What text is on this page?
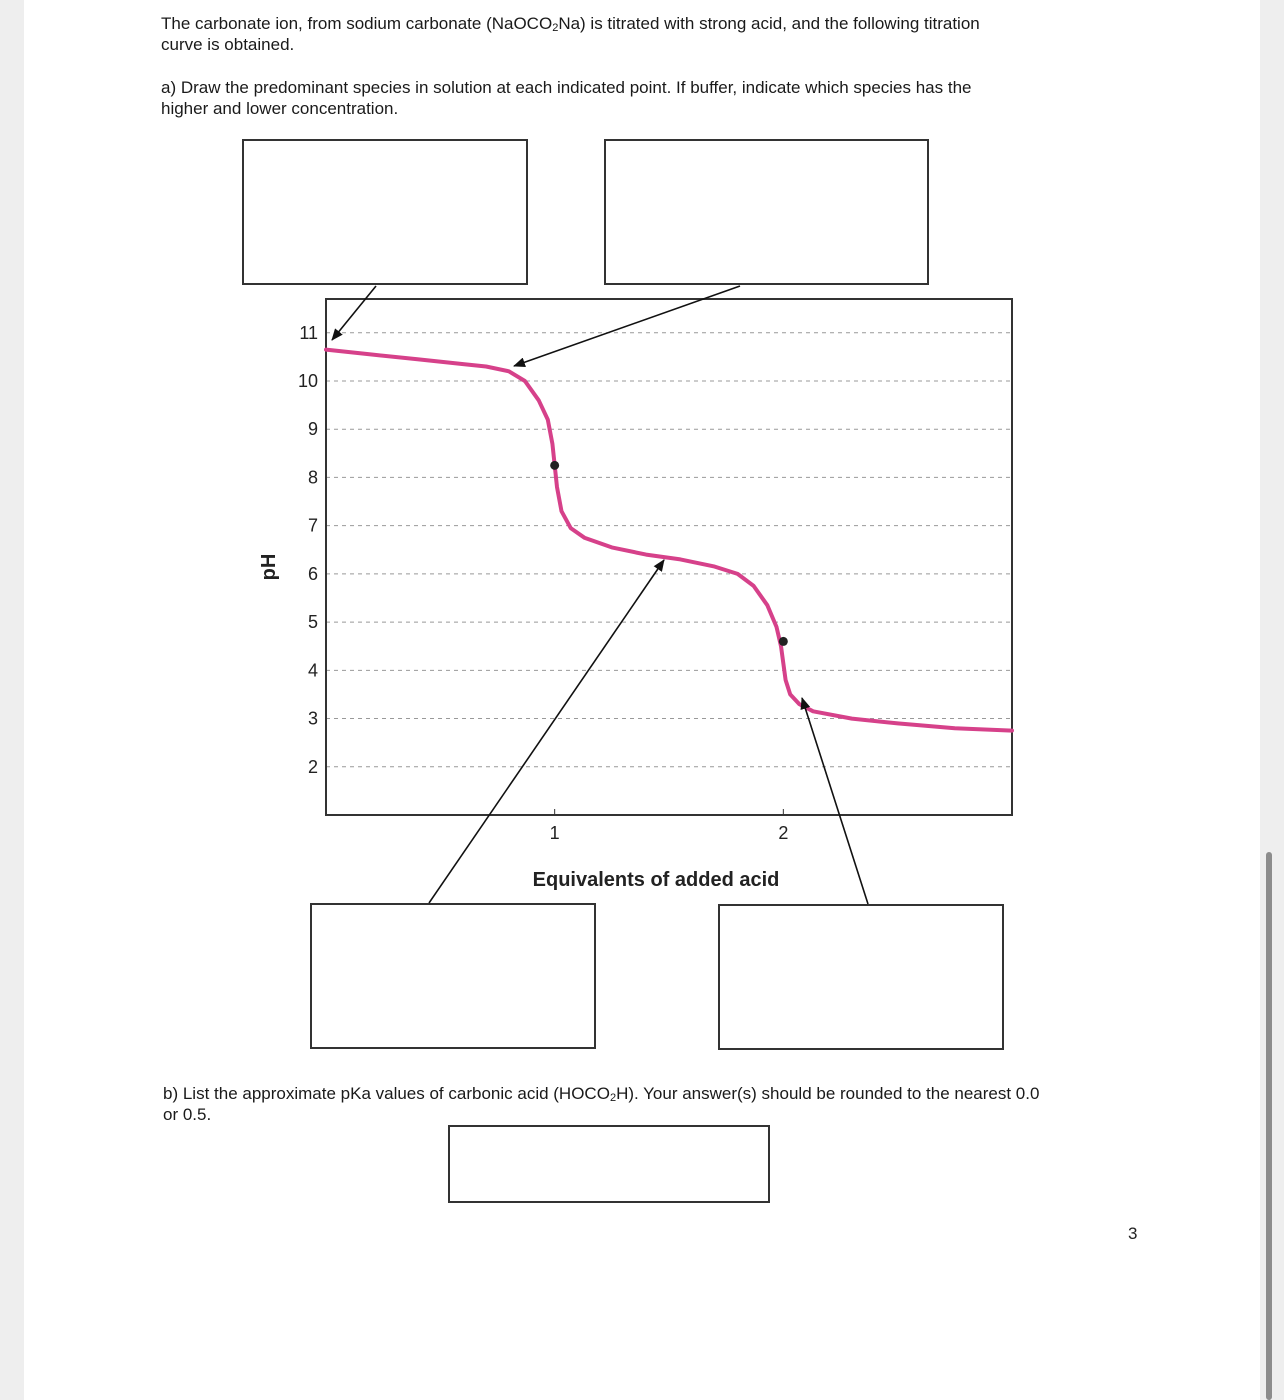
The carbonate ion, from sodium carbonate (NaOCO$_2$Na) is titrated with strong acid, and the following titration
curve is obtained.

a) Draw the predominant species in solution at each indicated point. If buffer, indicate which species has the
higher and lower concentration.

2
3
4
5
6
7
8
9
10
11
1	2
Equivalents of added acid
pH

b) List the approximate pKa values of carbonic acid $(HOCO_2H)$. Your answer(s) should be rounded to the nearest 0.0
or 0.5.

3
